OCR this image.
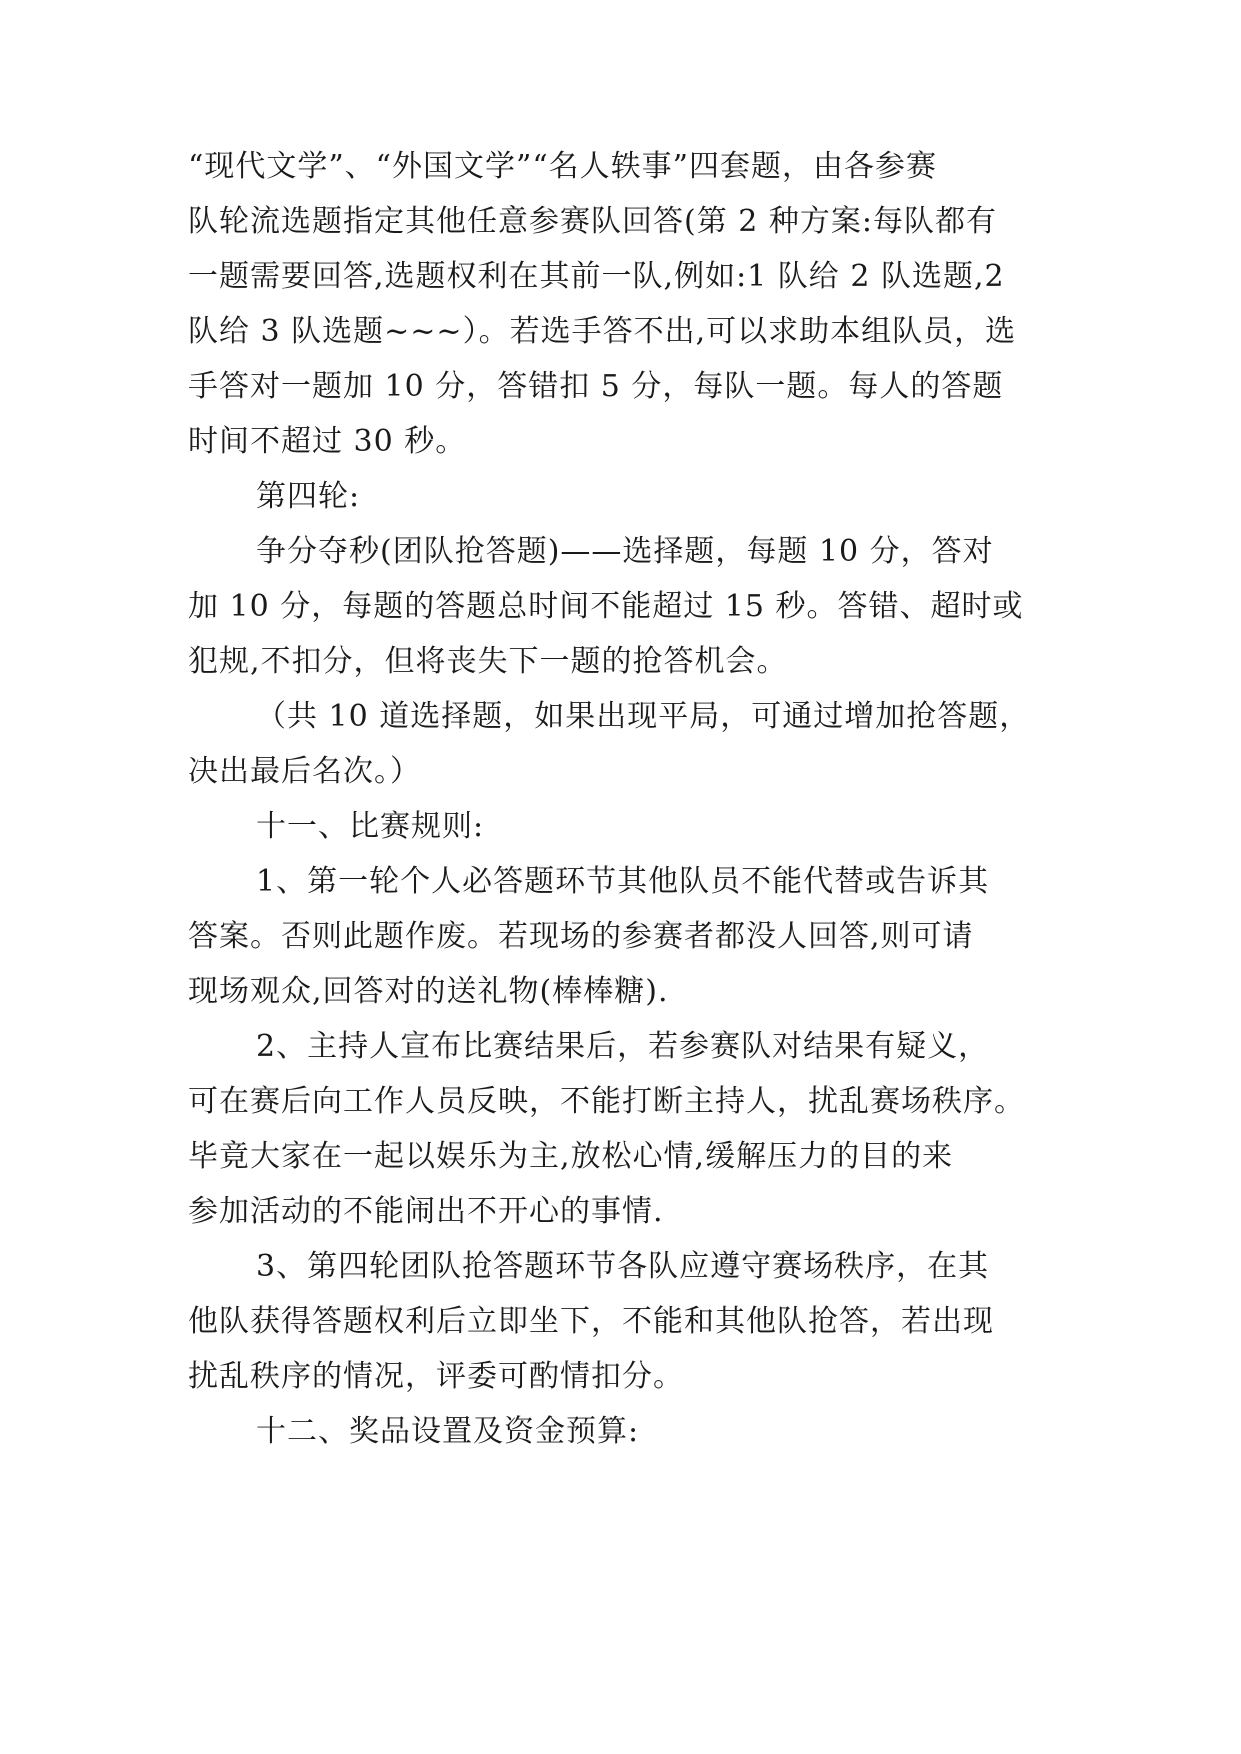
“现代文学”、“外国文学”“名人轶事”四套题，由各参赛

队轮流选题指定其他任意参赛队回答(第 2 种方案:每队都有

一题需要回答,选题权利在其前一队,例如:1 队给 2 队选题,2

队给 3 队选题~~~）。若选手答不出,可以求助本组队员，选

手答对一题加 10 分，答错扣 5 分，每队一题。每人的答题

时间不超过 30 秒。

第四轮:

争分夺秒(团队抢答题)——选择题，每题 10 分，答对

加 10 分，每题的答题总时间不能超过 15 秒。答错、超时或

犯规,不扣分，但将丧失下一题的抢答机会。

（共 10 道选择题，如果出现平局，可通过增加抢答题，

决出最后名次。）

十一、比赛规则:

1、第一轮个人必答题环节其他队员不能代替或告诉其

答案。否则此题作废。若现场的参赛者都没人回答,则可请

现场观众,回答对的送礼物(棒棒糖).

2、主持人宣布比赛结果后，若参赛队对结果有疑义，

可在赛后向工作人员反映，不能打断主持人，扰乱赛场秩序。

毕竟大家在一起以娱乐为主,放松心情,缓解压力的目的来

参加活动的不能闹出不开心的事情.

3、第四轮团队抢答题环节各队应遵守赛场秩序，在其

他队获得答题权利后立即坐下，不能和其他队抢答，若出现

扰乱秩序的情况，评委可酌情扣分。

十二、奖品设置及资金预算:
